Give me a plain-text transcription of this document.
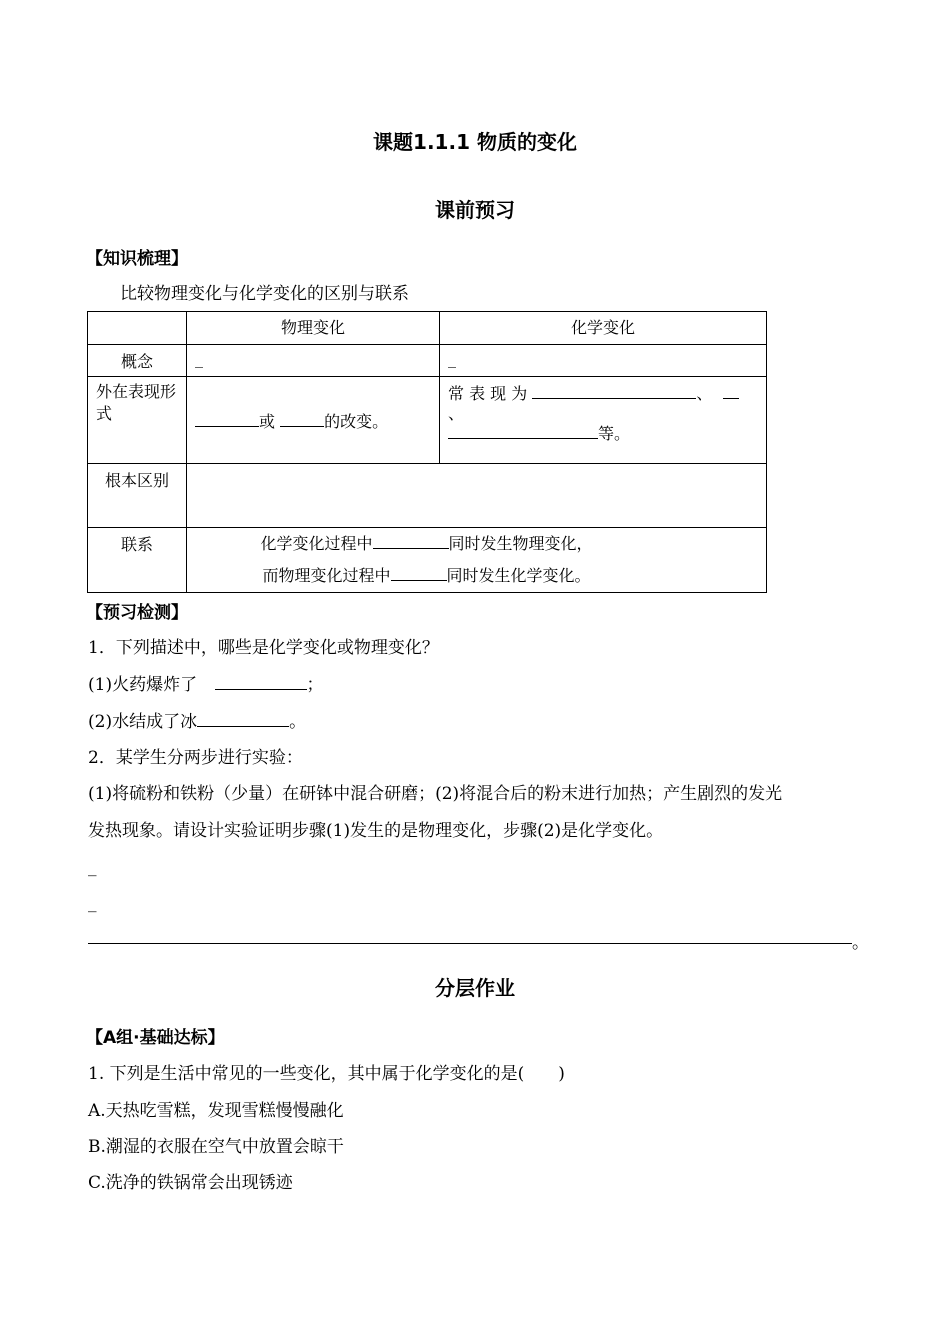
课题1.1.1 物质的变化
课前预习
【知识梳理】
比较物理变化与化学变化的区别与联系
	物理变化	化学变化
概念	_	_
外在表现形式	或 的改变。	常 表 现 为 、
、
等。

根本区别		
联系	化学变化过程中 同时发生物理变化，
而物理变化过程中 同时发生化学变化。	
【预习检测】
1．下列描述中，哪些是化学变化或物理变化？
(1)火药爆炸了	；
(2)水结成了冰	。
2．某学生分两步进行实验：
(1)将硫粉和铁粉（少量）在研钵中混合研磨；(2)将混合后的粉末进行加热；产生剧烈的发光
发热现象。请设计实验证明步骤(1)发生的是物理变化，步骤(2)是化学变化。
_
_
。
分层作业
【A组·基础达标】
1. 下列是生活中常见的一些变化，其中属于化学变化的是(　　)
A.天热吃雪糕，发现雪糕慢慢融化
B.潮湿的衣服在空气中放置会晾干
C.洗净的铁锅常会出现锈迹
